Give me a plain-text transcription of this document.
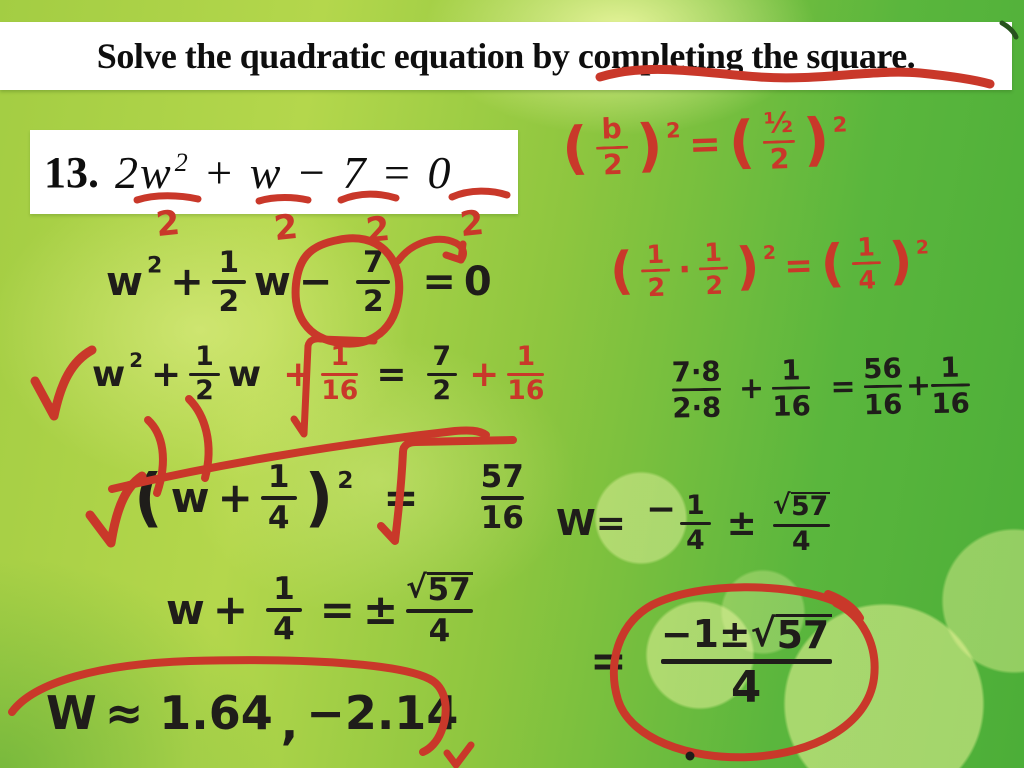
Solve the quadratic equation by completing the square.
13. $2w^2 + w - 7 = 0$
2	2 2 2
w $2 + \frac{1}{2}$ $w - \frac{7}{2} = 0$
w $2 + \frac{1}{2}$ $w + \frac{1}{16} = \frac{7}{2} + \frac{1}{16}$
( $w + \frac{1}{4}$ ) $2 = \frac{57}{16}$
$w + \frac{1}{4}$ = ± $\frac{√ 57}{4}$
W ≈ 1.64 , −2.14
( b
2 ) 2 = ( ½
2 ) 2
( 1
2 · 1
2 ) 2 = ( 1
4 ) 2
$\frac{7\cdot 8}{2\cdot 8} + \frac{1}{16} = \frac{56}{16} + \frac{1}{16}$
$W= - \frac{1}{4} \pm \frac{√ 57}{4}$
=
−1 ± √ 57
4
